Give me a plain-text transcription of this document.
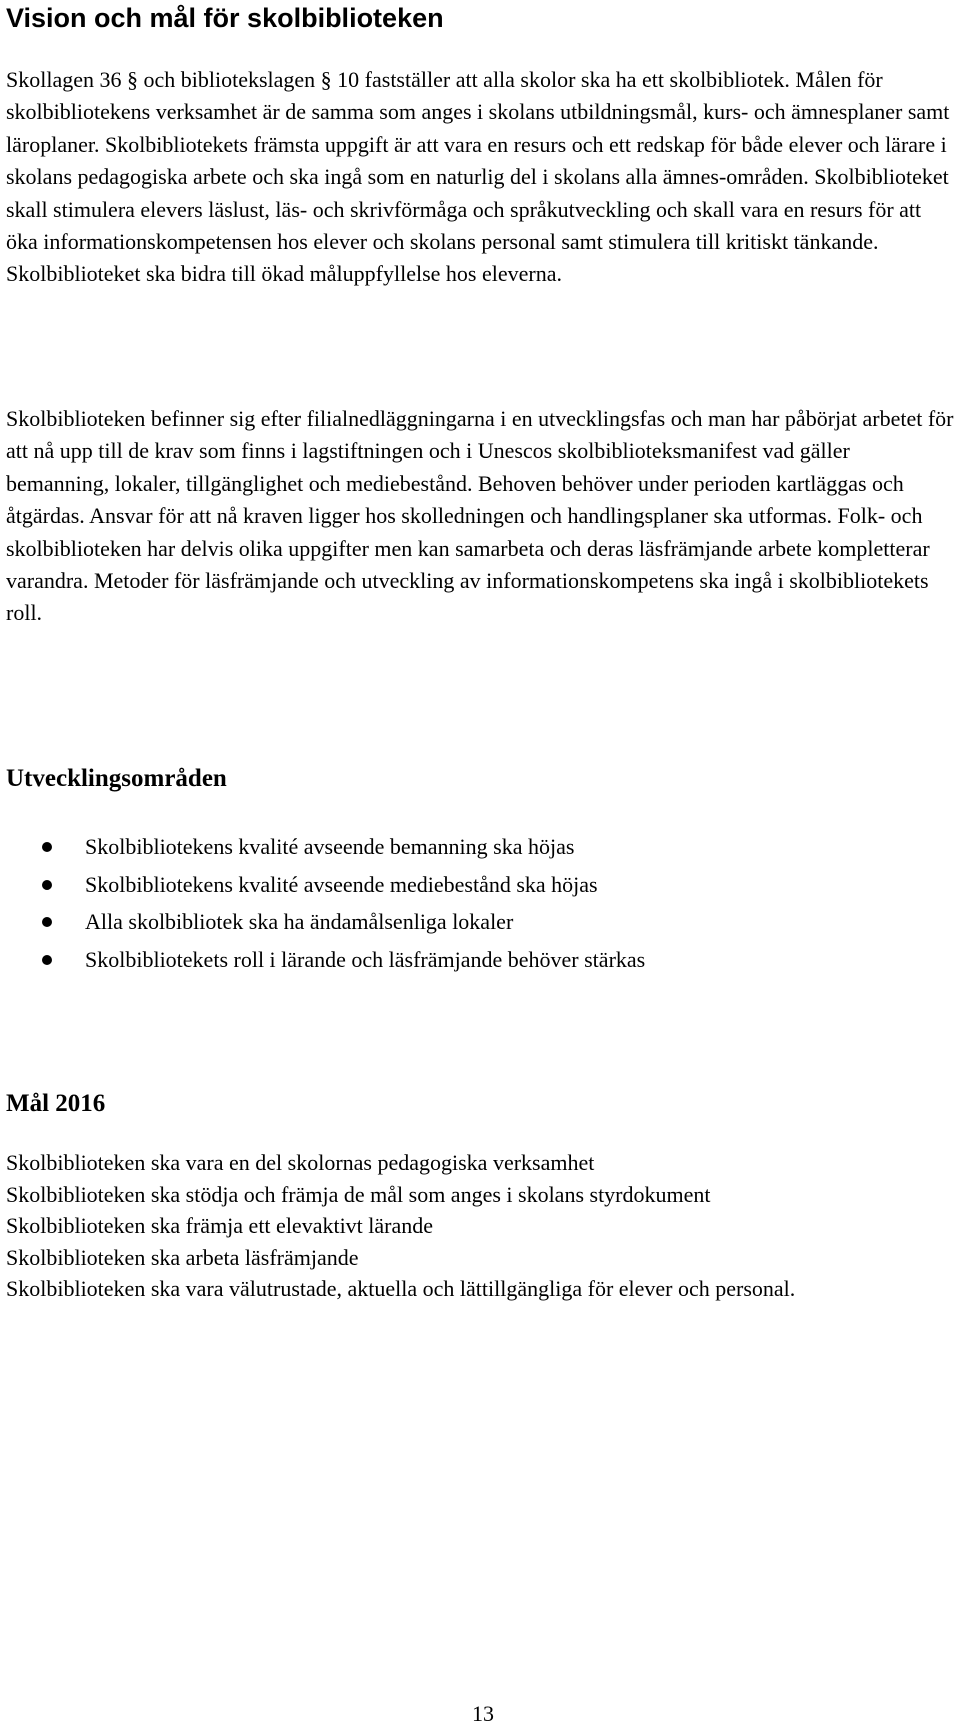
Vision och mål för skolbiblioteken

Skollagen 36 § och bibliotekslagen § 10 fastställer att alla skolor ska ha ett skolbibliotek. Målen för skolbibliotekens verksamhet är de samma som anges i skolans utbildningsmål, kurs- och ämnesplaner samt läroplaner. Skolbibliotekets främsta uppgift är att vara en resurs och ett redskap för både elever och lärare i skolans pedagogiska arbete och ska ingå som en naturlig del i skolans alla ämnes-områden. Skolbiblioteket skall stimulera elevers läslust, läs- och skrivförmåga och språkutveckling och skall vara en resurs för att öka informationskompetensen hos elever och skolans personal samt stimulera till kritiskt tänkande. Skolbiblioteket ska bidra till ökad måluppfyllelse hos eleverna.

Skolbiblioteken befinner sig efter filialnedläggningarna i en utvecklingsfas och man har påbörjat arbetet för att nå upp till de krav som finns i lagstiftningen och i Unescos skolbiblioteksmanifest vad gäller bemanning, lokaler, tillgänglighet och mediebestånd. Behoven behöver under perioden kartläggas och åtgärdas. Ansvar för att nå kraven ligger hos skolledningen och handlingsplaner ska utformas. Folk- och skolbiblioteken har delvis olika uppgifter men kan samarbeta och deras läsfrämjande arbete kompletterar varandra. Metoder för läsfrämjande och utveckling av informationskompetens ska ingå i skolbibliotekets roll.

Utvecklingsområden
Skolbibliotekens kvalité avseende bemanning ska höjas
Skolbibliotekens kvalité avseende mediebestånd ska höjas
Alla skolbibliotek ska ha ändamålsenliga lokaler
Skolbibliotekets roll i lärande och läsfrämjande behöver stärkas
Mål 2016
Skolbiblioteken ska vara en del skolornas pedagogiska verksamhet
Skolbiblioteken ska stödja och främja de mål som anges i skolans styrdokument
Skolbiblioteken ska främja ett elevaktivt lärande
Skolbiblioteken ska arbeta läsfrämjande
Skolbiblioteken ska vara välutrustade, aktuella och lättillgängliga för elever och personal.
13
